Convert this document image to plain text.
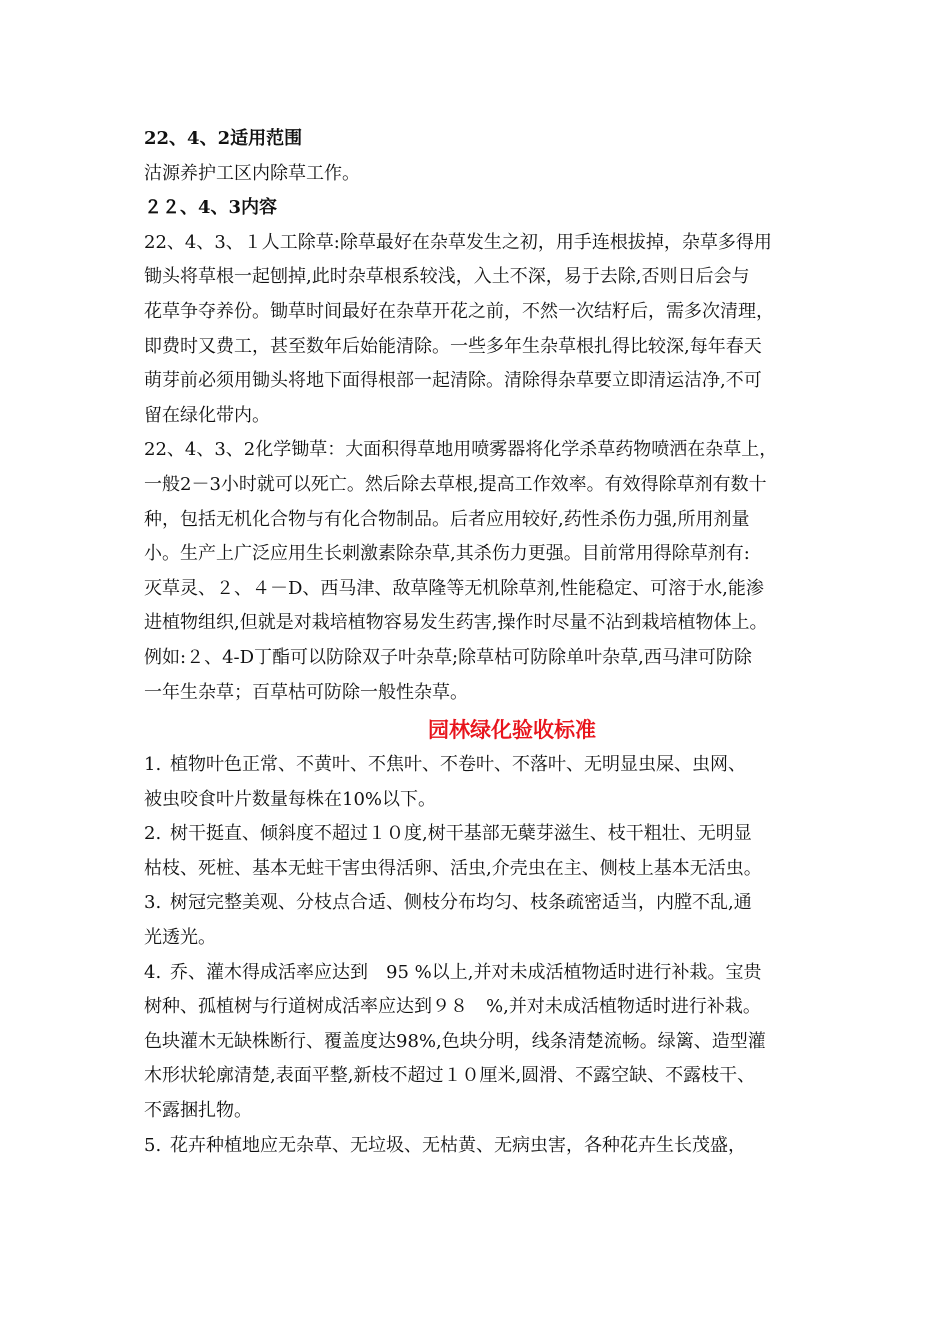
22、4、2适用范围
沽源养护工区内除草工作。
２２、4、3内容
22、4、3、１人工除草:除草最好在杂草发生之初，用手连根拔掉，杂草多得用
锄头将草根一起刨掉,此时杂草根系较浅，入土不深，易于去除,否则日后会与
花草争夺养份。锄草时间最好在杂草开花之前，不然一次结籽后，需多次清理，
即费时又费工，甚至数年后始能清除。一些多年生杂草根扎得比较深,每年春天
萌芽前必须用锄头将地下面得根部一起清除。清除得杂草要立即清运洁净,不可
留在绿化带内。
22、4、3、2化学锄草：大面积得草地用喷雾器将化学杀草药物喷洒在杂草上，
一般2－3小时就可以死亡。然后除去草根,提高工作效率。有效得除草剂有数十
种，包括无机化合物与有化合物制品。后者应用较好,药性杀伤力强,所用剂量
小。生产上广泛应用生长刺激素除杂草,其杀伤力更强。目前常用得除草剂有:
灭草灵、２、４－D、西马津、敌草隆等无机除草剂,性能稳定、可溶于水,能渗
进植物组织,但就是对栽培植物容易发生药害,操作时尽量不沾到栽培植物体上。
例如:２、4-D丁酯可以防除双子叶杂草;除草枯可防除单叶杂草,西马津可防除
一年生杂草；百草枯可防除一般性杂草。
园林绿化验收标准
1. 植物叶色正常、不黄叶、不焦叶、不卷叶、不落叶、无明显虫屎、虫网、
被虫咬食叶片数量每株在10%以下。
2. 树干挺直、倾斜度不超过１０度,树干基部无蘖芽滋生、枝干粗壮、无明显
枯枝、死桩、基本无蛀干害虫得活卵、活虫,介壳虫在主、侧枝上基本无活虫。
3. 树冠完整美观、分枝点合适、侧枝分布均匀、枝条疏密适当，内膛不乱,通
光透光。
4. 乔、灌木得成活率应达到　95 %以上,并对未成活植物适时进行补栽。宝贵
树种、孤植树与行道树成活率应达到９８　%,并对未成活植物适时进行补栽。
色块灌木无缺株断行、覆盖度达98%,色块分明，线条清楚流畅。绿篱、造型灌
木形状轮廓清楚,表面平整,新枝不超过１０厘米,圆滑、不露空缺、不露枝干、
不露捆扎物。
5. 花卉种植地应无杂草、无垃圾、无枯黄、无病虫害，各种花卉生长茂盛，
